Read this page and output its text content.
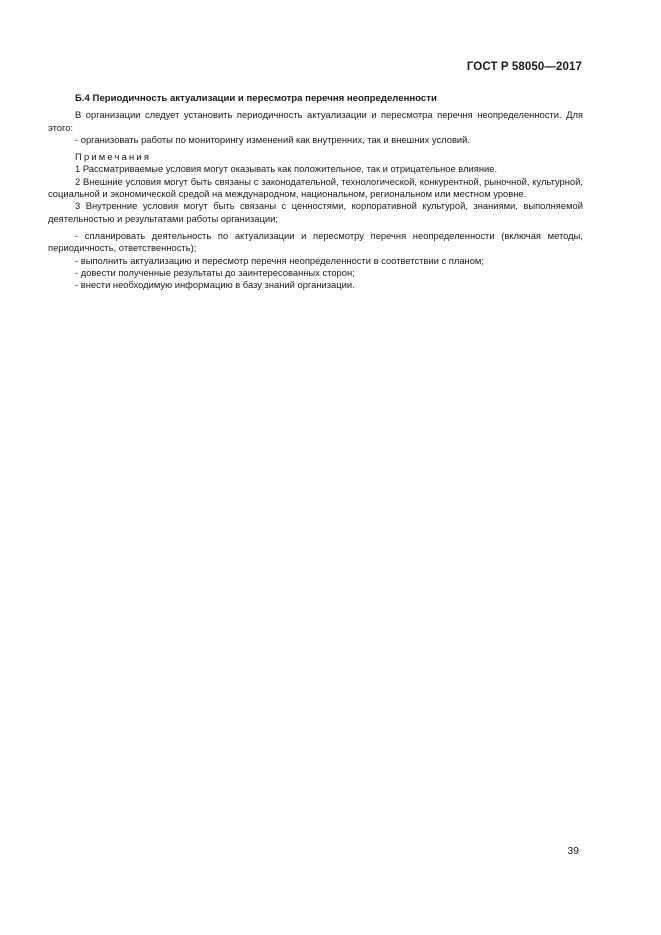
ГОСТ Р 58050—2017
Б.4 Периодичность актуализации и пересмотра перечня неопределенности

В организации следует установить периодичность актуализации и пересмотра перечня неопределенности. Для этого:

- организовать работы по мониторингу изменений как внутренних, так и внешних условий.

Примечания

1 Рассматриваемые условия могут оказывать как положительное, так и отрицательное влияние.

2 Внешние условия могут быть связаны с законодательной, технологической, конкурентной, рыночной, культурной, социальной и экономической средой на международном, национальном, региональном или местном уровне.

3 Внутренние условия могут быть связаны с ценностями, корпоративной культурой, знаниями, выполняемой деятельностью и результатами работы организации;

- спланировать деятельность по актуализации и пересмотру перечня неопределенности (включая методы, периодичность, ответственность);

- выполнить актуализацию и пересмотр перечня неопределенности в соответствии с планом;

- довести полученные результаты до заинтересованных сторон;

- внести необходимую информацию в базу знаний организации.

39
